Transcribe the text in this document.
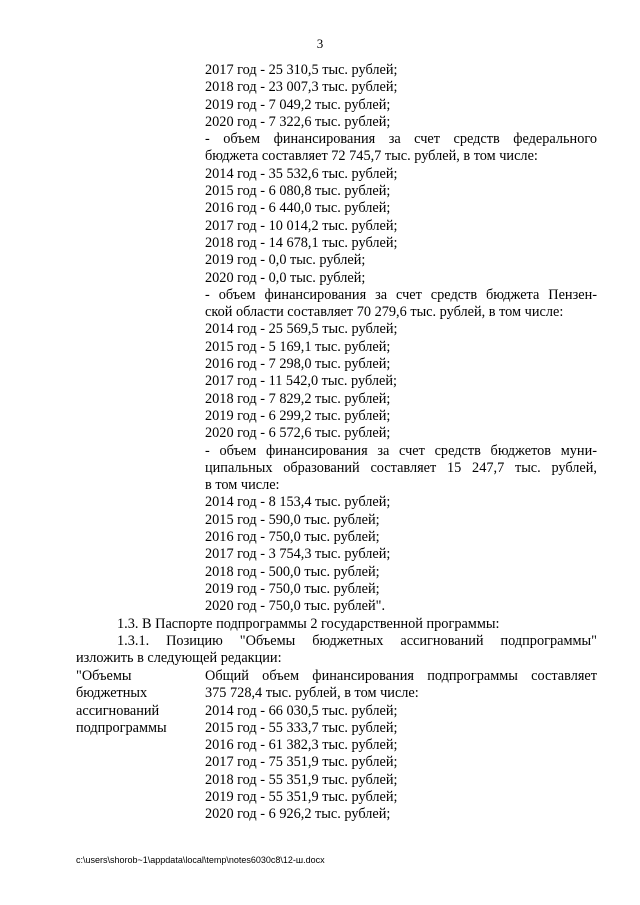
3
2017 год - 25 310,5 тыс. рублей;
2018 год - 23 007,3 тыс. рублей;
2019 год - 7 049,2 тыс. рублей;
2020 год - 7 322,6 тыс. рублей;
- объем финансирования за счет средств федерального
бюджета составляет 72 745,7 тыс. рублей, в том числе:
2014 год - 35 532,6 тыс. рублей;
2015 год - 6 080,8 тыс. рублей;
2016 год - 6 440,0 тыс. рублей;
2017 год - 10 014,2 тыс. рублей;
2018 год - 14 678,1 тыс. рублей;
2019 год - 0,0 тыс. рублей;
2020 год - 0,0 тыс. рублей;
- объем финансирования за счет средств бюджета Пензен-
ской области составляет 70 279,6 тыс. рублей, в том числе:
2014 год - 25 569,5 тыс. рублей;
2015 год - 5 169,1 тыс. рублей;
2016 год - 7 298,0 тыс. рублей;
2017 год - 11 542,0 тыс. рублей;
2018 год - 7 829,2 тыс. рублей;
2019 год - 6 299,2 тыс. рублей;
2020 год - 6 572,6 тыс. рублей;
- объем финансирования за счет средств бюджетов муни-
ципальных образований составляет 15 247,7 тыс. рублей,
в том числе:
2014 год - 8 153,4 тыс. рублей;
2015 год - 590,0 тыс. рублей;
2016 год - 750,0 тыс. рублей;
2017 год - 3 754,3 тыс. рублей;
2018 год - 500,0 тыс. рублей;
2019 год - 750,0 тыс. рублей;
2020 год - 750,0 тыс. рублей".
1.3. В Паспорте подпрограммы 2 государственной программы:
1.3.1. Позицию "Объемы бюджетных ассигнований подпрограммы"
изложить в следующей редакции:
"Объемы
бюджетных
ассигнований
подпрограммы
Общий объем финансирования подпрограммы составляет
375 728,4 тыс. рублей, в том числе:
2014 год - 66 030,5 тыс. рублей;
2015 год - 55 333,7 тыс. рублей;
2016 год - 61 382,3 тыс. рублей;
2017 год - 75 351,9 тыс. рублей;
2018 год - 55 351,9 тыс. рублей;
2019 год - 55 351,9 тыс. рублей;
2020 год - 6 926,2 тыс. рублей;
c:\users\shorob~1\appdata\local\temp\notes6030c8\12-ш.docx
